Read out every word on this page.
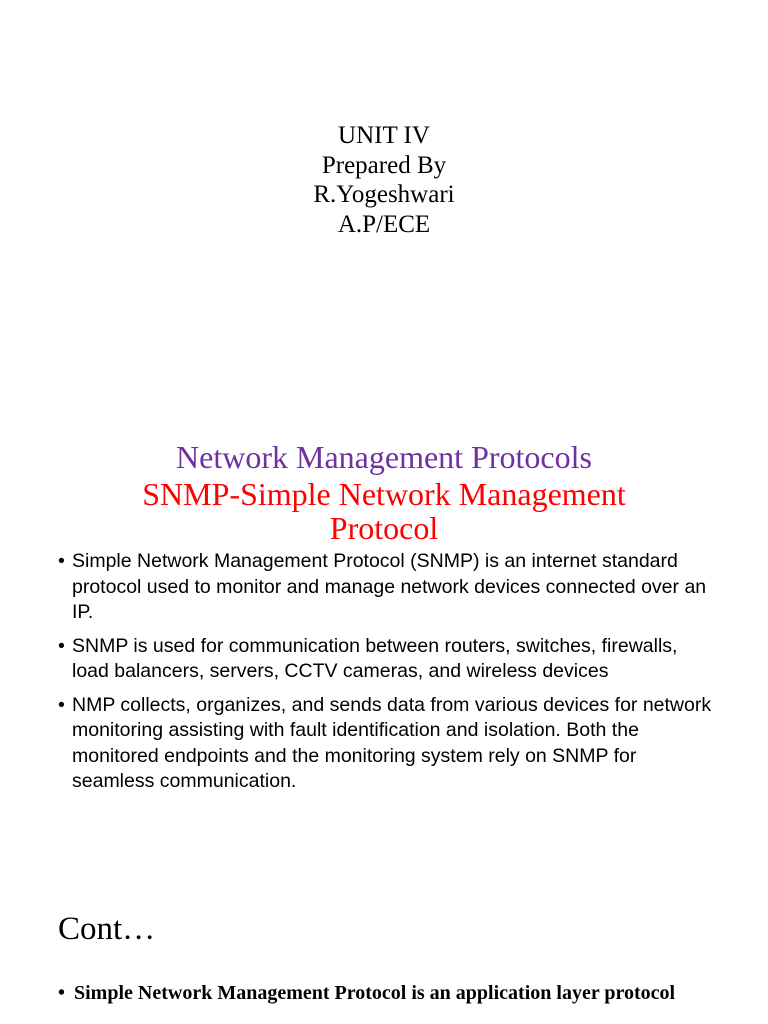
UNIT IV
Prepared By
R.Yogeshwari
A.P/ECE
Network Management Protocols
SNMP-Simple Network Management
Protocol
• Simple Network Management Protocol (SNMP) is an internet standard protocol used to monitor and manage network devices connected over an IP.
• SNMP is used for communication between routers, switches, firewalls, load balancers, servers, CCTV cameras, and wireless devices
• NMP collects, organizes, and sends data from various devices for network monitoring assisting with fault identification and isolation. Both the monitored endpoints and the monitoring system rely on SNMP for seamless communication.
Cont…
• Simple Network Management Protocol is an application layer protocol
